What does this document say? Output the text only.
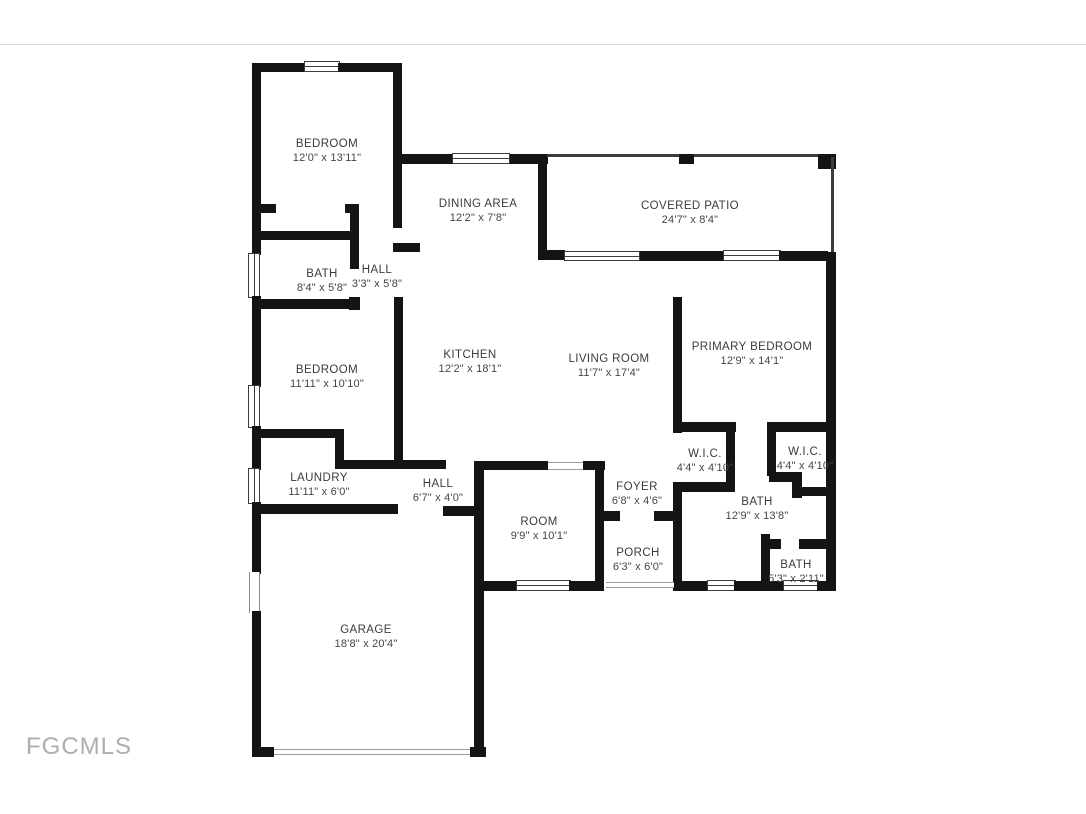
BEDROOM
12'0" x 13'11"
DINING AREA
12'2" x 7'8"
COVERED PATIO
24'7" x 8'4"
BATH
8'4" x 5'8"
HALL
3'3" x 5'8"
BEDROOM
11'11" x 10'10"
KITCHEN
12'2" x 18'1"
LIVING ROOM
11'7" x 17'4"
PRIMARY BEDROOM
12'9" x 14'1"
W.I.C.
4'4" x 4'10"
W.I.C.
4'4" x 4'10"
LAUNDRY
11'11" x 6'0"
HALL
6'7" x 4'0"
FOYER
6'8" x 4'6"
ROOM
9'9" x 10'1"
BATH
12'9" x 13'8"
PORCH
6'3" x 6'0"	BATH
5'3" x 2'11"
GARAGE
18'8" x 20'4"
FGCMLS
